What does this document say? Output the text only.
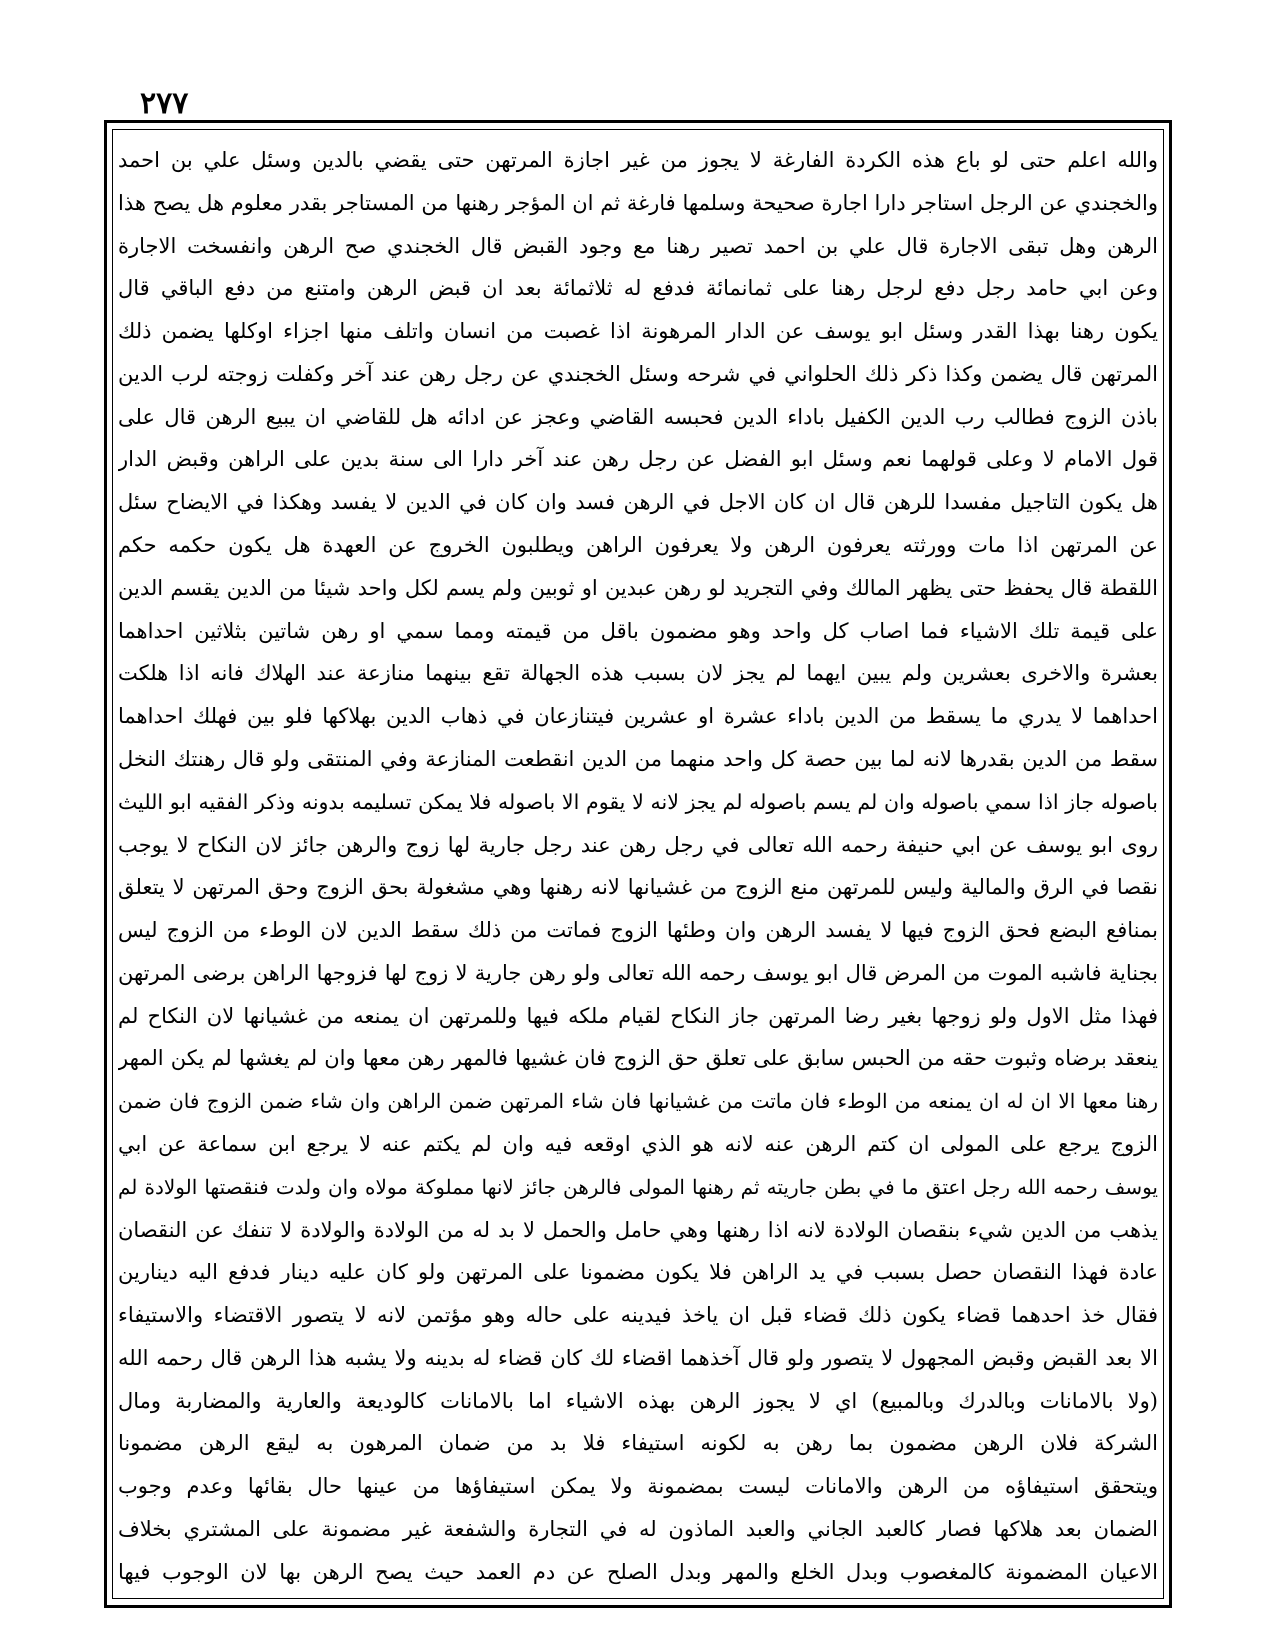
٢٧٧
والله اعلم حتى لو باع هذه الكردة الفارغة لا يجوز من غير اجازة المرتهن حتى يقضي بالدين وسئل علي بن احمد
والخجندي عن الرجل استاجر دارا اجارة صحيحة وسلمها فارغة ثم ان المؤجر رهنها من المستاجر بقدر معلوم هل يصح هذا
الرهن وهل تبقى الاجارة قال علي بن احمد تصير رهنا مع وجود القبض قال الخجندي صح الرهن وانفسخت الاجارة
وعن ابي حامد رجل دفع لرجل رهنا على ثمانمائة فدفع له ثلاثمائة بعد ان قبض الرهن وامتنع من دفع الباقي قال
يكون رهنا بهذا القدر وسئل ابو يوسف عن الدار المرهونة اذا غصبت من انسان واتلف منها اجزاء اوكلها يضمن ذلك
المرتهن قال يضمن وكذا ذكر ذلك الحلواني في شرحه وسئل الخجندي عن رجل رهن عند آخر وكفلت زوجته لرب الدين
باذن الزوج فطالب رب الدين الكفيل باداء الدين فحبسه القاضي وعجز عن ادائه هل للقاضي ان يبيع الرهن قال على
قول الامام لا وعلى قولهما نعم وسئل ابو الفضل عن رجل رهن عند آخر دارا الى سنة بدين على الراهن وقبض الدار
هل يكون التاجيل مفسدا للرهن قال ان كان الاجل في الرهن فسد وان كان في الدين لا يفسد وهكذا في الايضاح سئل
عن المرتهن اذا مات وورثته يعرفون الرهن ولا يعرفون الراهن ويطلبون الخروج عن العهدة هل يكون حكمه حكم
اللقطة قال يحفظ حتى يظهر المالك وفي التجريد لو رهن عبدين او ثوبين ولم يسم لكل واحد شيئا من الدين يقسم الدين
على قيمة تلك الاشياء فما اصاب كل واحد وهو مضمون باقل من قيمته ومما سمي او رهن شاتين بثلاثين احداهما
بعشرة والاخرى بعشرين ولم يبين ايهما لم يجز لان بسبب هذه الجهالة تقع بينهما منازعة عند الهلاك فانه اذا هلكت
احداهما لا يدري ما يسقط من الدين باداء عشرة او عشرين فيتنازعان في ذهاب الدين بهلاكها فلو بين فهلك احداهما
سقط من الدين بقدرها لانه لما بين حصة كل واحد منهما من الدين انقطعت المنازعة وفي المنتقى ولو قال رهنتك النخل
باصوله جاز اذا سمي باصوله وان لم يسم باصوله لم يجز لانه لا يقوم الا باصوله فلا يمكن تسليمه بدونه وذكر الفقيه ابو الليث
روى ابو يوسف عن ابي حنيفة رحمه الله تعالى في رجل رهن عند رجل جارية لها زوج والرهن جائز لان النكاح لا يوجب
نقصا في الرق والمالية وليس للمرتهن منع الزوج من غشيانها لانه رهنها وهي مشغولة بحق الزوج وحق المرتهن لا يتعلق
بمنافع البضع فحق الزوج فيها لا يفسد الرهن وان وطئها الزوج فماتت من ذلك سقط الدين لان الوطء من الزوج ليس
بجناية فاشبه الموت من المرض قال ابو يوسف رحمه الله تعالى ولو رهن جارية لا زوج لها فزوجها الراهن برضى المرتهن
فهذا مثل الاول ولو زوجها بغير رضا المرتهن جاز النكاح لقيام ملكه فيها وللمرتهن ان يمنعه من غشيانها لان النكاح لم
ينعقد برضاه وثبوت حقه من الحبس سابق على تعلق حق الزوج فان غشيها فالمهر رهن معها وان لم يغشها لم يكن المهر
رهنا معها الا ان له ان يمنعه من الوطء فان ماتت من غشيانها فان شاء المرتهن ضمن الراهن وان شاء ضمن الزوج فان ضمن
الزوج يرجع على المولى ان كتم الرهن عنه لانه هو الذي اوقعه فيه وان لم يكتم عنه لا يرجع ابن سماعة عن ابي
يوسف رحمه الله رجل اعتق ما في بطن جاريته ثم رهنها المولى فالرهن جائز لانها مملوكة مولاه وان ولدت فنقصتها الولادة لم
يذهب من الدين شيء بنقصان الولادة لانه اذا رهنها وهي حامل والحمل لا بد له من الولادة والولادة لا تنفك عن النقصان
عادة فهذا النقصان حصل بسبب في يد الراهن فلا يكون مضمونا على المرتهن ولو كان عليه دينار فدفع اليه دينارين
فقال خذ احدهما قضاء يكون ذلك قضاء قبل ان ياخذ فيدينه على حاله وهو مؤتمن لانه لا يتصور الاقتضاء والاستيفاء
الا بعد القبض وقبض المجهول لا يتصور ولو قال آخذهما اقضاء لك كان قضاء له بدينه ولا يشبه هذا الرهن قال رحمه الله
(ولا بالامانات وبالدرك وبالمبيع) اي لا يجوز الرهن بهذه الاشياء اما بالامانات كالوديعة والعارية والمضاربة ومال
الشركة فلان الرهن مضمون بما رهن به لكونه استيفاء فلا بد من ضمان المرهون به ليقع الرهن مضمونا
ويتحقق استيفاؤه من الرهن والامانات ليست بمضمونة ولا يمكن استيفاؤها من عينها حال بقائها وعدم وجوب
الضمان بعد هلاكها فصار كالعبد الجاني والعبد الماذون له في التجارة والشفعة غير مضمونة على المشتري بخلاف
الاعيان المضمونة كالمغصوب وبدل الخلع والمهر وبدل الصلح عن دم العمد حيث يصح الرهن بها لان الوجوب فيها
